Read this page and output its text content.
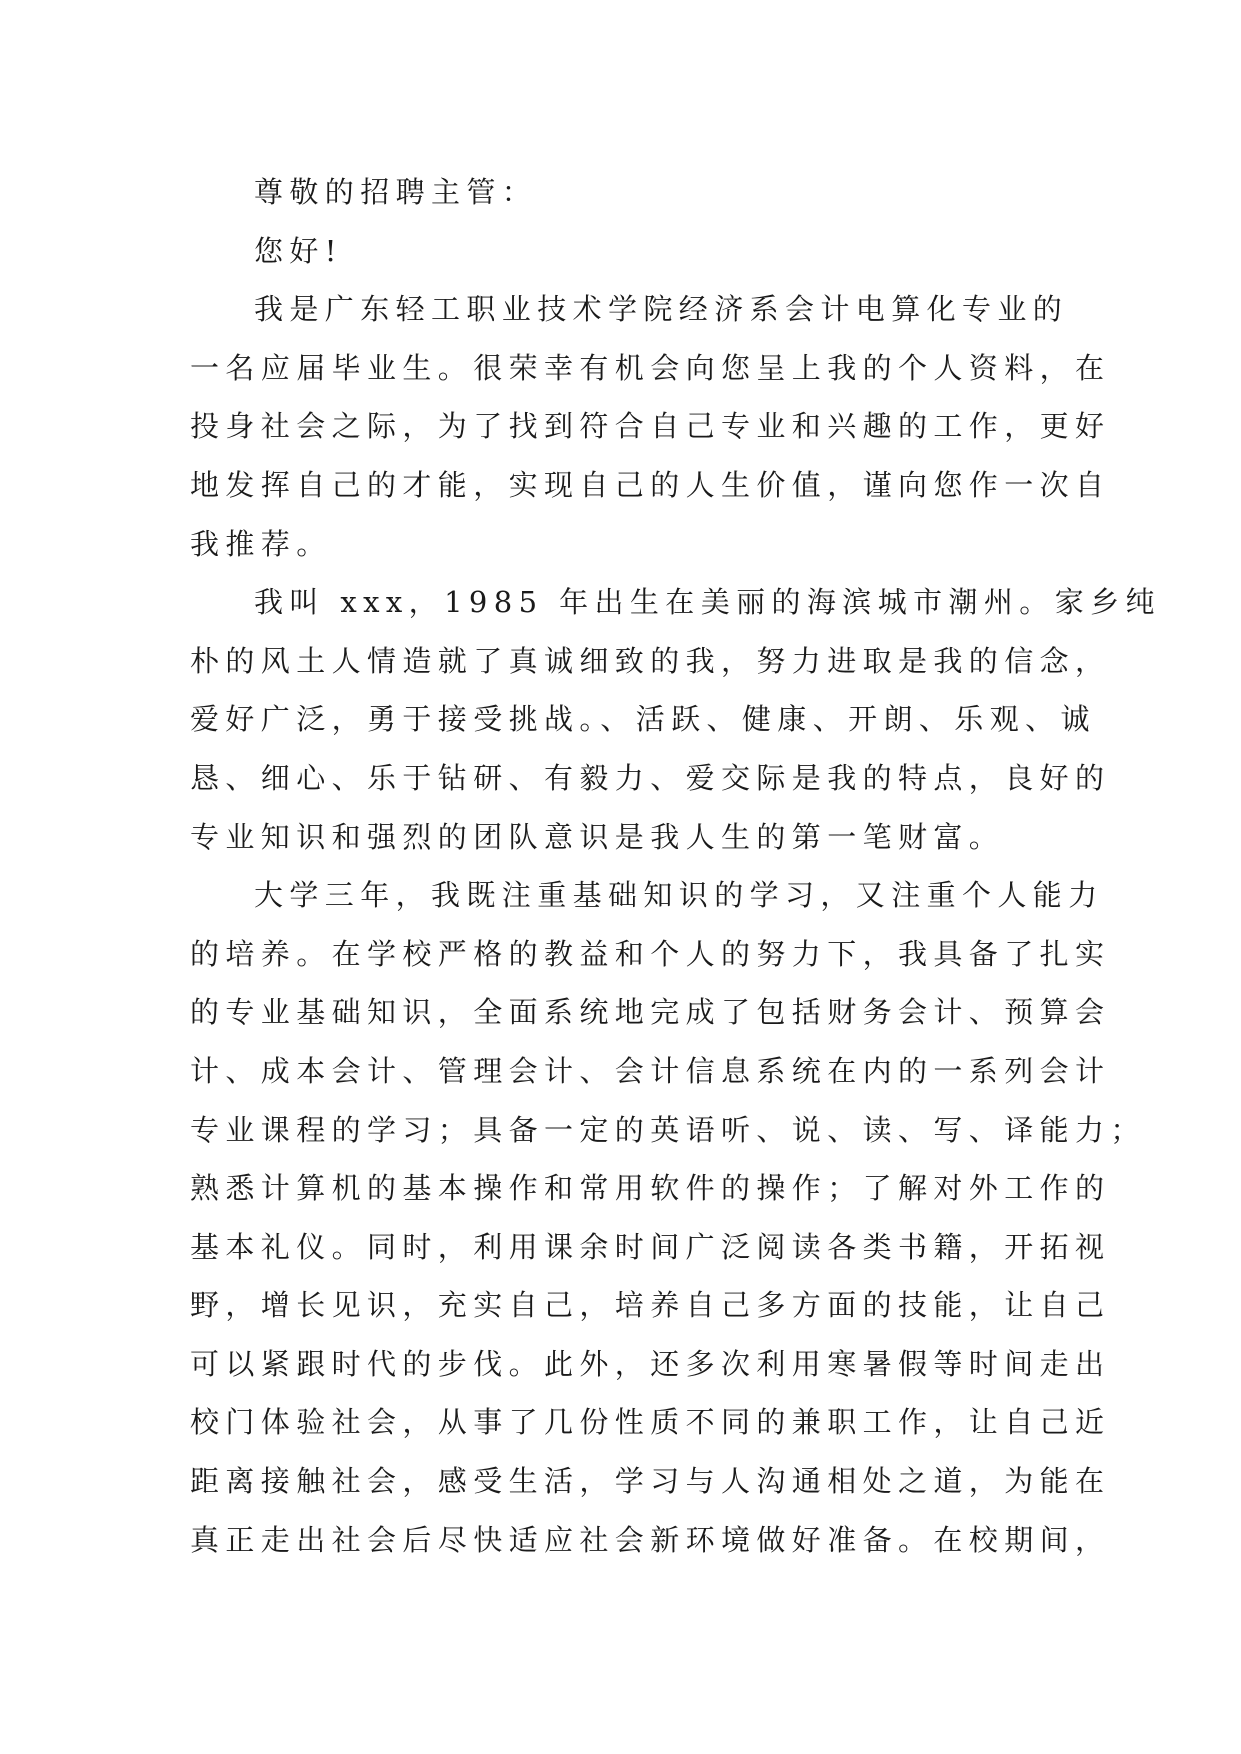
尊敬的招聘主管：
您好!
我是广东轻工职业技术学院经济系会计电算化专业的
一名应届毕业生。很荣幸有机会向您呈上我的个人资料，在
投身社会之际，为了找到符合自己专业和兴趣的工作，更好
地发挥自己的才能，实现自己的人生价值，谨向您作一次自
我推荐。
我叫 xxx，1985 年出生在美丽的海滨城市潮州。家乡纯
朴的风土人情造就了真诚细致的我，努力进取是我的信念，
爱好广泛，勇于接受挑战。、活跃、健康、开朗、乐观、诚
恳、细心、乐于钻研、有毅力、爱交际是我的特点，良好的
专业知识和强烈的团队意识是我人生的第一笔财富。
大学三年，我既注重基础知识的学习，又注重个人能力
的培养。在学校严格的教益和个人的努力下，我具备了扎实
的专业基础知识，全面系统地完成了包括财务会计、预算会
计、成本会计、管理会计、会计信息系统在内的一系列会计
专业课程的学习；具备一定的英语听、说、读、写、译能力；
熟悉计算机的基本操作和常用软件的操作；了解对外工作的
基本礼仪。同时，利用课余时间广泛阅读各类书籍，开拓视
野，增长见识，充实自己，培养自己多方面的技能，让自己
可以紧跟时代的步伐。此外，还多次利用寒暑假等时间走出
校门体验社会，从事了几份性质不同的兼职工作，让自己近
距离接触社会，感受生活，学习与人沟通相处之道，为能在
真正走出社会后尽快适应社会新环境做好准备。在校期间，
